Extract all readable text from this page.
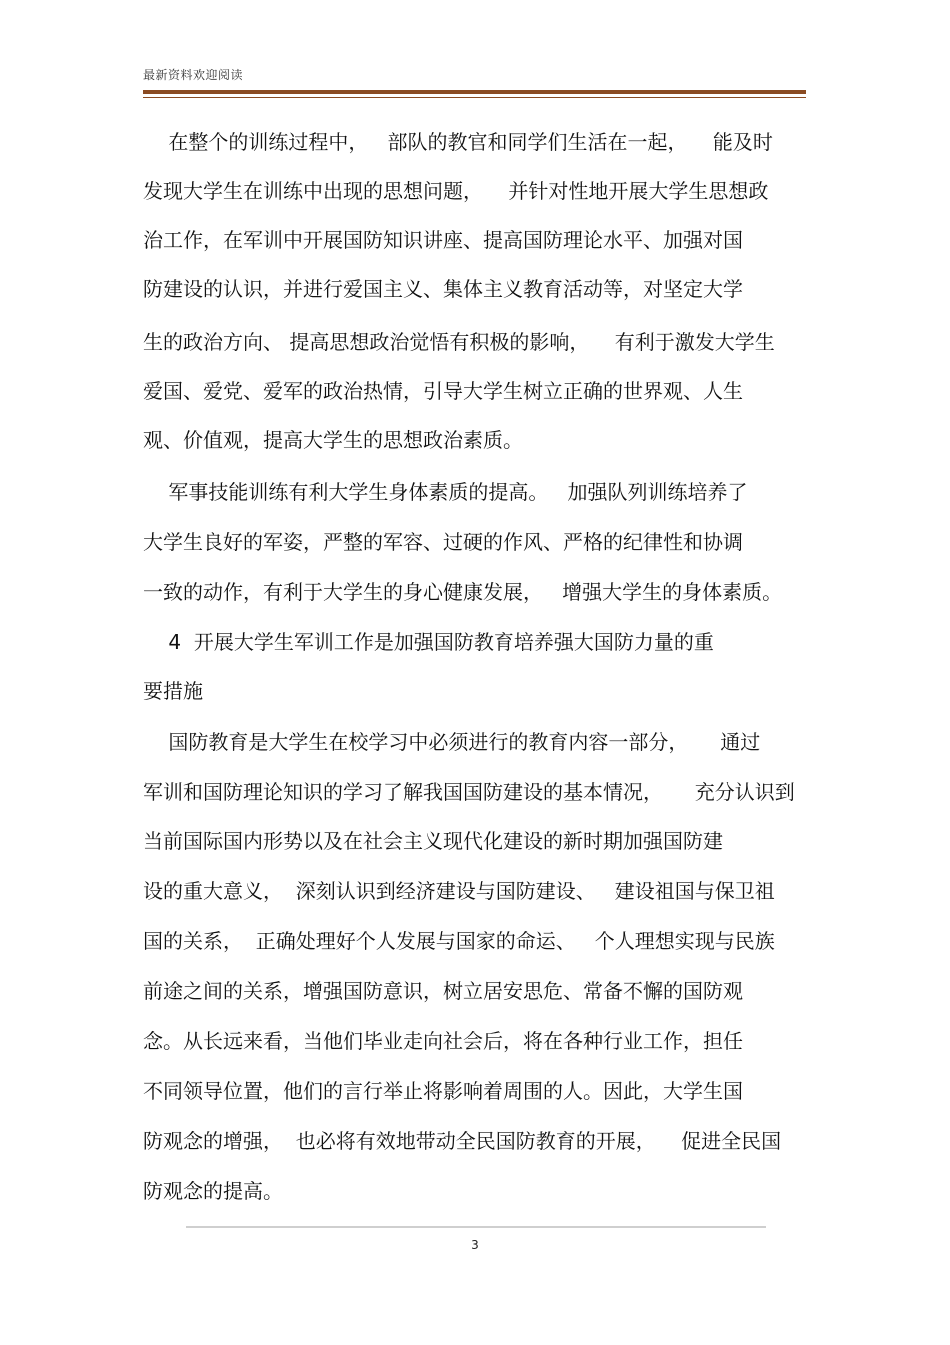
最新资料欢迎阅读
在整个的训练过程中，   部队的教官和同学们生活在一起，    能及时
发现大学生在训练中出现的思想问题，    并针对性地开展大学生思想政
治工作，在军训中开展国防知识讲座、提高国防理论水平、加强对国
防建设的认识，并进行爱国主义、集体主义教育活动等，对坚定大学
生的政治方向、 提高思想政治觉悟有积极的影响，    有利于激发大学生
爱国、爱党、爱军的政治热情，引导大学生树立正确的世界观、人生
观、价值观，提高大学生的思想政治素质。
军事技能训练有利大学生身体素质的提高。   加强队列训练培养了
大学生良好的军姿，严整的军容、过硬的作风、严格的纪律性和协调
一致的动作，有利于大学生的身心健康发展，   增强大学生的身体素质。
4  开展大学生军训工作是加强国防教育培养强大国防力量的重
要措施
国防教育是大学生在校学习中必须进行的教育内容一部分，     通过
军训和国防理论知识的学习了解我国国防建设的基本情况，     充分认识到
当前国际国内形势以及在社会主义现代化建设的新时期加强国防建
设的重大意义，  深刻认识到经济建设与国防建设、   建设祖国与保卫祖
国的关系，  正确处理好个人发展与国家的命运、   个人理想实现与民族
前途之间的关系，增强国防意识，树立居安思危、常备不懈的国防观
念。从长远来看，当他们毕业走向社会后，将在各种行业工作，担任
不同领导位置，他们的言行举止将影响着周围的人。因此，大学生国
防观念的增强，  也必将有效地带动全民国防教育的开展，    促进全民国
防观念的提高。
3
